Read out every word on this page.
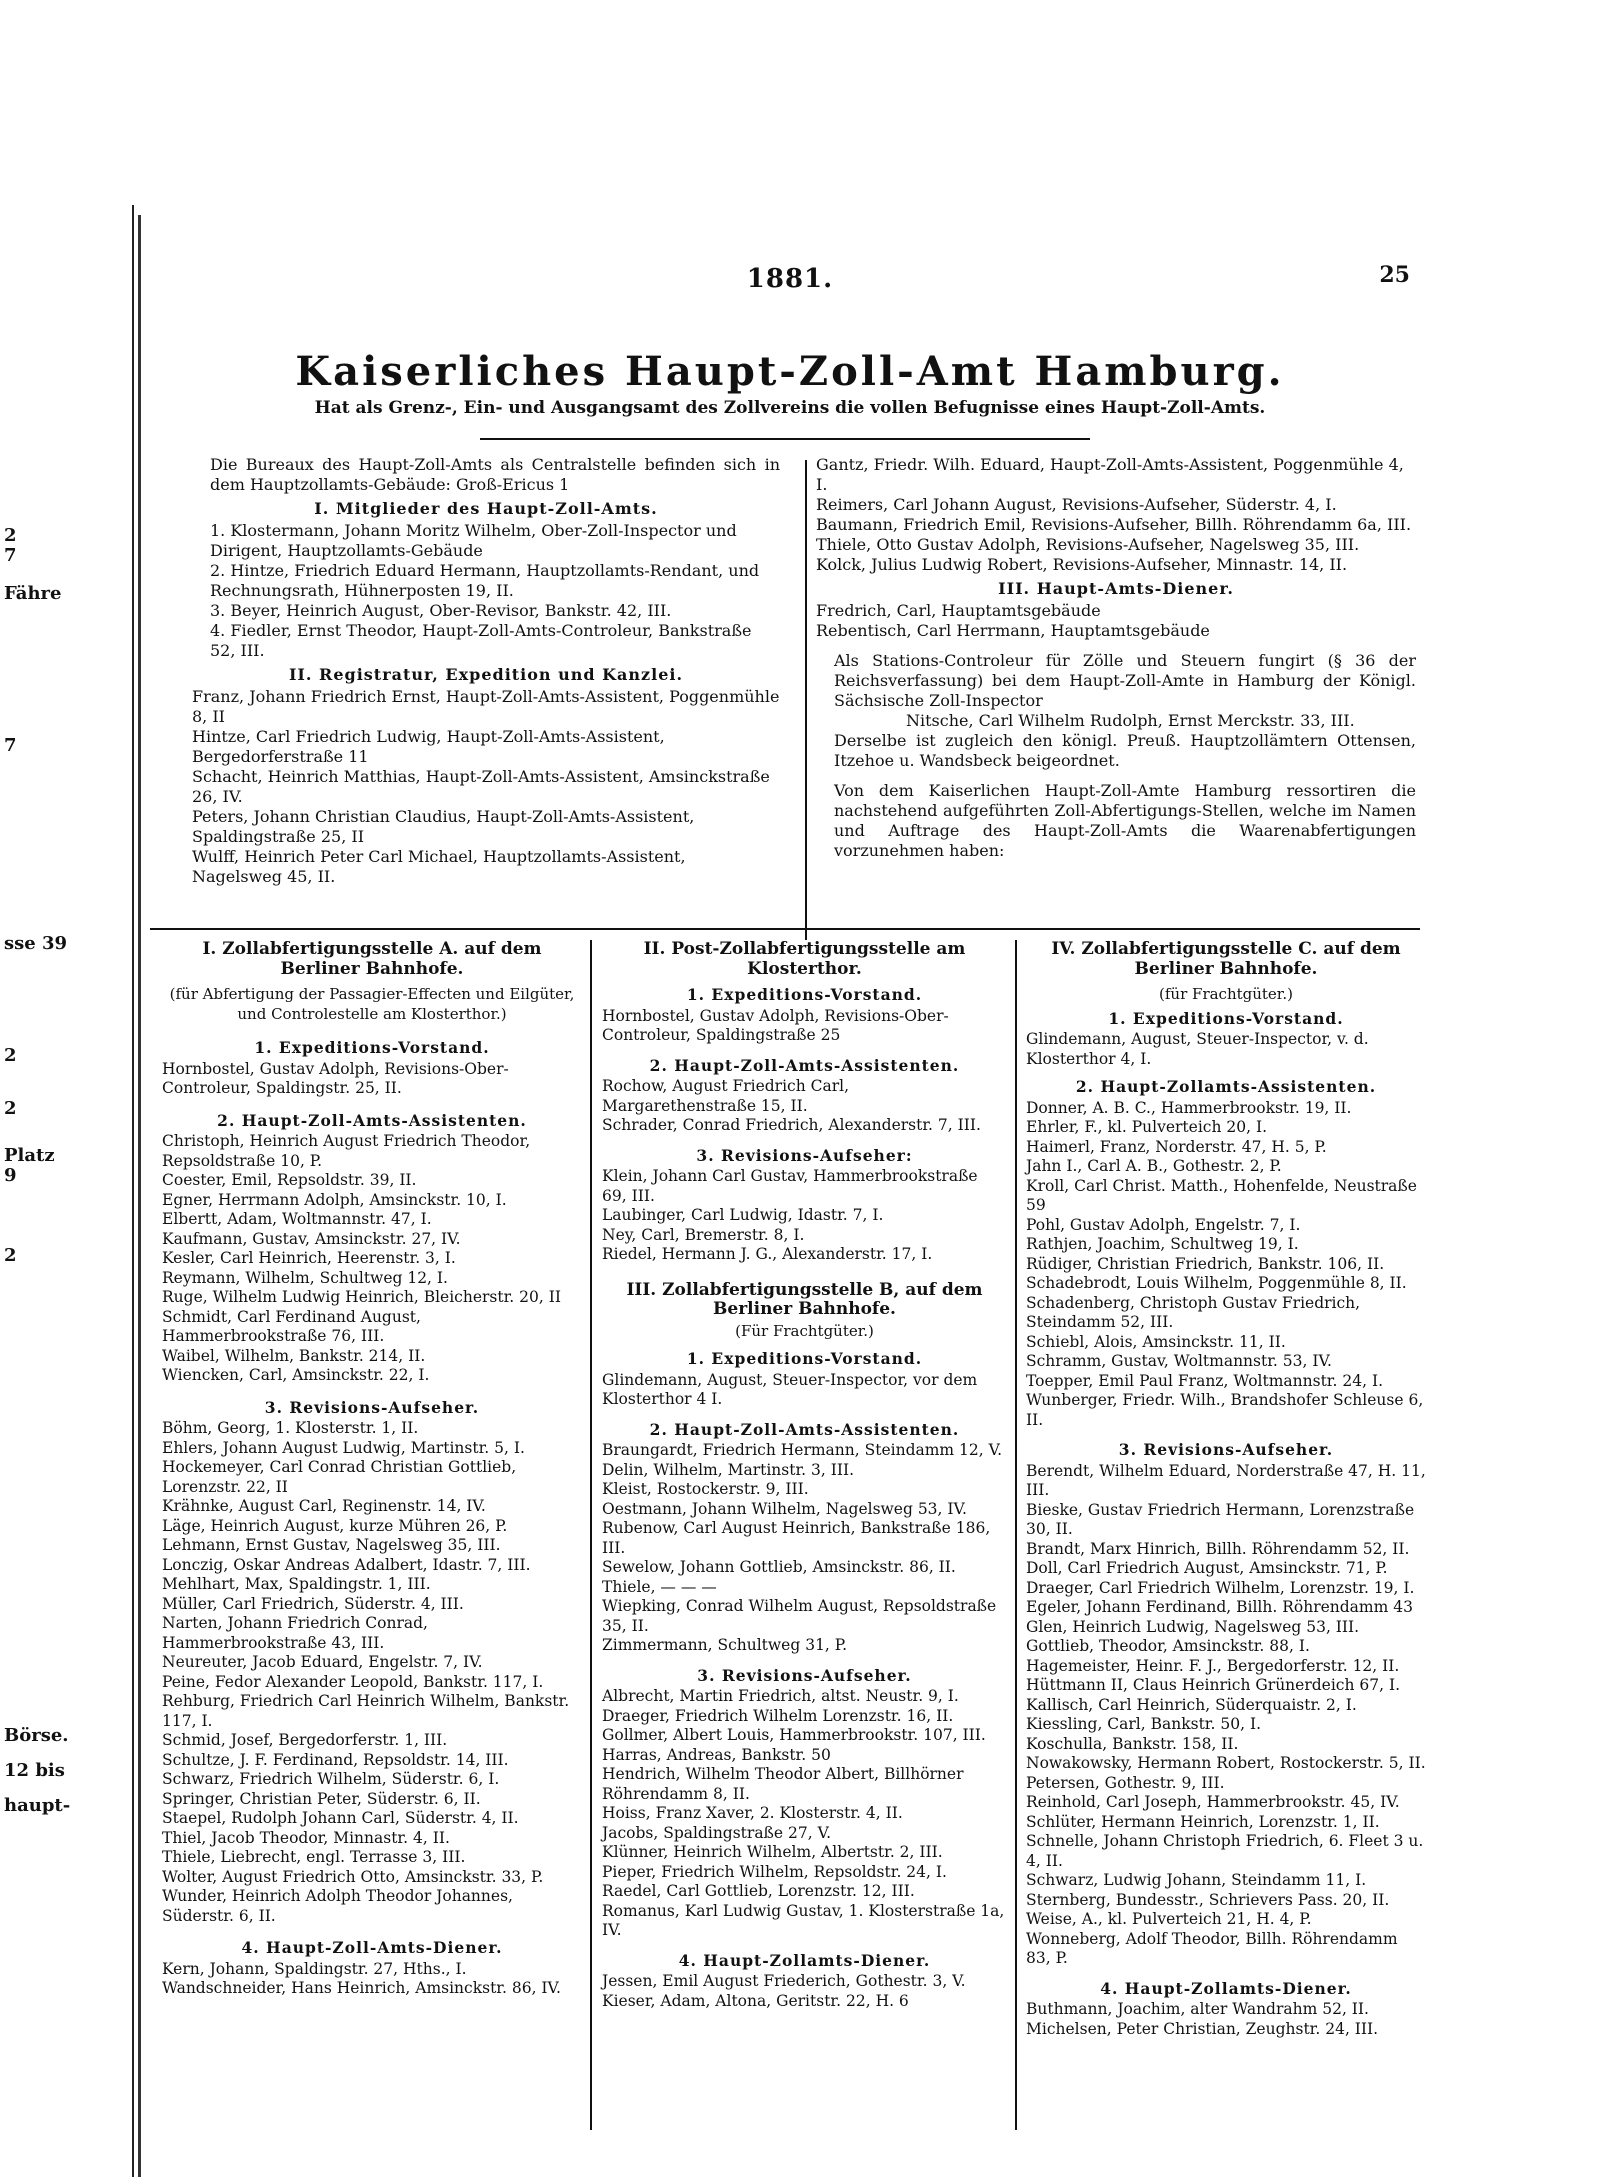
2
7
Fähre
7
sse 39
2
2
Platz
9
2
Börse.
12 bis
haupt-
1881.	25
Kaiserliches Haupt-Zoll-Amt Hamburg.
Hat als Grenz-, Ein- und Ausgangsamt des Zollvereins die vollen Befugnisse eines Haupt-Zoll-Amts.

Die Bureaux des Haupt-Zoll-Amts als Centralstelle befinden sich in dem Hauptzollamts-Gebäude: Groß-Ericus 1

I. Mitglieder des Haupt-Zoll-Amts.

1. Klostermann, Johann Moritz Wilhelm, Ober-Zoll-Inspector und Dirigent, Hauptzollamts-Gebäude

2. Hintze, Friedrich Eduard Hermann, Hauptzollamts-Rendant, und Rechnungsrath, Hühnerposten 19, II.

3. Beyer, Heinrich August, Ober-Revisor, Bankstr. 42, III.

4. Fiedler, Ernst Theodor, Haupt-Zoll-Amts-Controleur, Bankstraße 52, III.

II. Registratur, Expedition und Kanzlei.

Franz, Johann Friedrich Ernst, Haupt-Zoll-Amts-Assistent, Poggenmühle 8, II

Hintze, Carl Friedrich Ludwig, Haupt-Zoll-Amts-Assistent, Bergedorferstraße 11

Schacht, Heinrich Matthias, Haupt-Zoll-Amts-Assistent, Amsinckstraße 26, IV.

Peters, Johann Christian Claudius, Haupt-Zoll-Amts-Assistent, Spaldingstraße 25, II

Wulff, Heinrich Peter Carl Michael, Hauptzollamts-Assistent, Nagelsweg 45, II.

Gantz, Friedr. Wilh. Eduard, Haupt-Zoll-Amts-Assistent, Poggenmühle 4, I.

Reimers, Carl Johann August, Revisions-Aufseher, Süderstr. 4, I.

Baumann, Friedrich Emil, Revisions-Aufseher, Billh. Röhrendamm 6a, III.

Thiele, Otto Gustav Adolph, Revisions-Aufseher, Nagelsweg 35, III.

Kolck, Julius Ludwig Robert, Revisions-Aufseher, Minnastr. 14, II.

III. Haupt-Amts-Diener.

Fredrich, Carl, Hauptamtsgebäude

Rebentisch, Carl Herrmann, Hauptamtsgebäude

Als Stations-Controleur für Zölle und Steuern fungirt (§ 36 der Reichsverfassung) bei dem Haupt-Zoll-Amte in Hamburg der Königl. Sächsische Zoll-Inspector

Nitsche, Carl Wilhelm Rudolph, Ernst Merckstr. 33, III.

Derselbe ist zugleich den königl. Preuß. Hauptzollämtern Ottensen, Itzehoe u. Wandsbeck beigeordnet.

Von dem Kaiserlichen Haupt-Zoll-Amte Hamburg ressortiren die nachstehend aufgeführten Zoll-Abfertigungs-Stellen, welche im Namen und Auftrage des Haupt-Zoll-Amts die Waarenabfertigungen vorzunehmen haben:

I. Zollabfertigungsstelle A. auf dem Berliner Bahnhofe.

(für Abfertigung der Passagier-Effecten und Eilgüter, und Controlestelle am Klosterthor.)

1. Expeditions-Vorstand.

Hornbostel, Gustav Adolph, Revisions-Ober-Controleur, Spaldingstr. 25, II.

2. Haupt-Zoll-Amts-Assistenten.

Christoph, Heinrich August Friedrich Theodor, Repsoldstraße 10, P.

Coester, Emil, Repsoldstr. 39, II.

Egner, Herrmann Adolph, Amsinckstr. 10, I.

Elbertt, Adam, Woltmannstr. 47, I.

Kaufmann, Gustav, Amsinckstr. 27, IV.

Kesler, Carl Heinrich, Heerenstr. 3, I.

Reymann, Wilhelm, Schultweg 12, I.

Ruge, Wilhelm Ludwig Heinrich, Bleicherstr. 20, II

Schmidt, Carl Ferdinand August, Hammerbrookstraße 76, III.

Waibel, Wilhelm, Bankstr. 214, II.

Wiencken, Carl, Amsinckstr. 22, I.

3. Revisions-Aufseher.

Böhm, Georg, 1. Klosterstr. 1, II.

Ehlers, Johann August Ludwig, Martinstr. 5, I.

Hockemeyer, Carl Conrad Christian Gottlieb, Lorenzstr. 22, II

Krähnke, August Carl, Reginenstr. 14, IV.

Läge, Heinrich August, kurze Mühren 26, P.

Lehmann, Ernst Gustav, Nagelsweg 35, III.

Lonczig, Oskar Andreas Adalbert, Idastr. 7, III.

Mehlhart, Max, Spaldingstr. 1, III.

Müller, Carl Friedrich, Süderstr. 4, III.

Narten, Johann Friedrich Conrad, Hammerbrookstraße 43, III.

Neureuter, Jacob Eduard, Engelstr. 7, IV.

Peine, Fedor Alexander Leopold, Bankstr. 117, I.

Rehburg, Friedrich Carl Heinrich Wilhelm, Bankstr. 117, I.

Schmid, Josef, Bergedorferstr. 1, III.

Schultze, J. F. Ferdinand, Repsoldstr. 14, III.

Schwarz, Friedrich Wilhelm, Süderstr. 6, I.

Springer, Christian Peter, Süderstr. 6, II.

Staepel, Rudolph Johann Carl, Süderstr. 4, II.

Thiel, Jacob Theodor, Minnastr. 4, II.

Thiele, Liebrecht, engl. Terrasse 3, III.

Wolter, August Friedrich Otto, Amsinckstr. 33, P.

Wunder, Heinrich Adolph Theodor Johannes, Süderstr. 6, II.

4. Haupt-Zoll-Amts-Diener.

Kern, Johann, Spaldingstr. 27, Hths., I.

Wandschneider, Hans Heinrich, Amsinckstr. 86, IV.

II. Post-Zollabfertigungsstelle am Klosterthor.

1. Expeditions-Vorstand.

Hornbostel, Gustav Adolph, Revisions-Ober-Controleur, Spaldingstraße 25

2. Haupt-Zoll-Amts-Assistenten.

Rochow, August Friedrich Carl, Margarethenstraße 15, II.

Schrader, Conrad Friedrich, Alexanderstr. 7, III.

3. Revisions-Aufseher:

Klein, Johann Carl Gustav, Hammerbrookstraße 69, III.

Laubinger, Carl Ludwig, Idastr. 7, I.

Ney, Carl, Bremerstr. 8, I.

Riedel, Hermann J. G., Alexanderstr. 17, I.

III. Zollabfertigungsstelle B, auf dem Berliner Bahnhofe.

(Für Frachtgüter.)

1. Expeditions-Vorstand.

Glindemann, August, Steuer-Inspector, vor dem Klosterthor 4 I.

2. Haupt-Zoll-Amts-Assistenten.

Braungardt, Friedrich Hermann, Steindamm 12, V.

Delin, Wilhelm, Martinstr. 3, III.

Kleist, Rostockerstr. 9, III.

Oestmann, Johann Wilhelm, Nagelsweg 53, IV.

Rubenow, Carl August Heinrich, Bankstraße 186, III.

Sewelow, Johann Gottlieb, Amsinckstr. 86, II.

Thiele, — — —

Wiepking, Conrad Wilhelm August, Repsoldstraße 35, II.

Zimmermann, Schultweg 31, P.

3. Revisions-Aufseher.

Albrecht, Martin Friedrich, altst. Neustr. 9, I.

Draeger, Friedrich Wilhelm Lorenzstr. 16, II.

Gollmer, Albert Louis, Hammerbrookstr. 107, III.

Harras, Andreas, Bankstr. 50

Hendrich, Wilhelm Theodor Albert, Billhörner Röhrendamm 8, II.

Hoiss, Franz Xaver, 2. Klosterstr. 4, II.

Jacobs, Spaldingstraße 27, V.

Klünner, Heinrich Wilhelm, Albertstr. 2, III.

Pieper, Friedrich Wilhelm, Repsoldstr. 24, I.

Raedel, Carl Gottlieb, Lorenzstr. 12, III.

Romanus, Karl Ludwig Gustav, 1. Klosterstraße 1a, IV.

4. Haupt-Zollamts-Diener.

Jessen, Emil August Friederich, Gothestr. 3, V.

Kieser, Adam, Altona, Geritstr. 22, H. 6

IV. Zollabfertigungsstelle C. auf dem Berliner Bahnhofe.

(für Frachtgüter.)

1. Expeditions-Vorstand.

Glindemann, August, Steuer-Inspector, v. d. Klosterthor 4, I.

2. Haupt-Zollamts-Assistenten.

Donner, A. B. C., Hammerbrookstr. 19, II.

Ehrler, F., kl. Pulverteich 20, I.

Haimerl, Franz, Norderstr. 47, H. 5, P.

Jahn I., Carl A. B., Gothestr. 2, P.

Kroll, Carl Christ. Matth., Hohenfelde, Neustraße 59

Pohl, Gustav Adolph, Engelstr. 7, I.

Rathjen, Joachim, Schultweg 19, I.

Rüdiger, Christian Friedrich, Bankstr. 106, II.

Schadebrodt, Louis Wilhelm, Poggenmühle 8, II.

Schadenberg, Christoph Gustav Friedrich, Steindamm 52, III.

Schiebl, Alois, Amsinckstr. 11, II.

Schramm, Gustav, Woltmannstr. 53, IV.

Toepper, Emil Paul Franz, Woltmannstr. 24, I.

Wunberger, Friedr. Wilh., Brandshofer Schleuse 6, II.

3. Revisions-Aufseher.

Berendt, Wilhelm Eduard, Norderstraße 47, H. 11, III.

Bieske, Gustav Friedrich Hermann, Lorenzstraße 30, II.

Brandt, Marx Hinrich, Billh. Röhrendamm 52, II.

Doll, Carl Friedrich August, Amsinckstr. 71, P.

Draeger, Carl Friedrich Wilhelm, Lorenzstr. 19, I.

Egeler, Johann Ferdinand, Billh. Röhrendamm 43

Glen, Heinrich Ludwig, Nagelsweg 53, III.

Gottlieb, Theodor, Amsinckstr. 88, I.

Hagemeister, Heinr. F. J., Bergedorferstr. 12, II.

Hüttmann II, Claus Heinrich Grünerdeich 67, I.

Kallisch, Carl Heinrich, Süderquaistr. 2, I.

Kiessling, Carl, Bankstr. 50, I.

Koschulla, Bankstr. 158, II.

Nowakowsky, Hermann Robert, Rostockerstr. 5, II.

Petersen, Gothestr. 9, III.

Reinhold, Carl Joseph, Hammerbrookstr. 45, IV.

Schlüter, Hermann Heinrich, Lorenzstr. 1, II.

Schnelle, Johann Christoph Friedrich, 6. Fleet 3 u. 4, II.

Schwarz, Ludwig Johann, Steindamm 11, I.

Sternberg, Bundesstr., Schrievers Pass. 20, II.

Weise, A., kl. Pulverteich 21, H. 4, P.

Wonneberg, Adolf Theodor, Billh. Röhrendamm 83, P.

4. Haupt-Zollamts-Diener.

Buthmann, Joachim, alter Wandrahm 52, II.

Michelsen, Peter Christian, Zeughstr. 24, III.
